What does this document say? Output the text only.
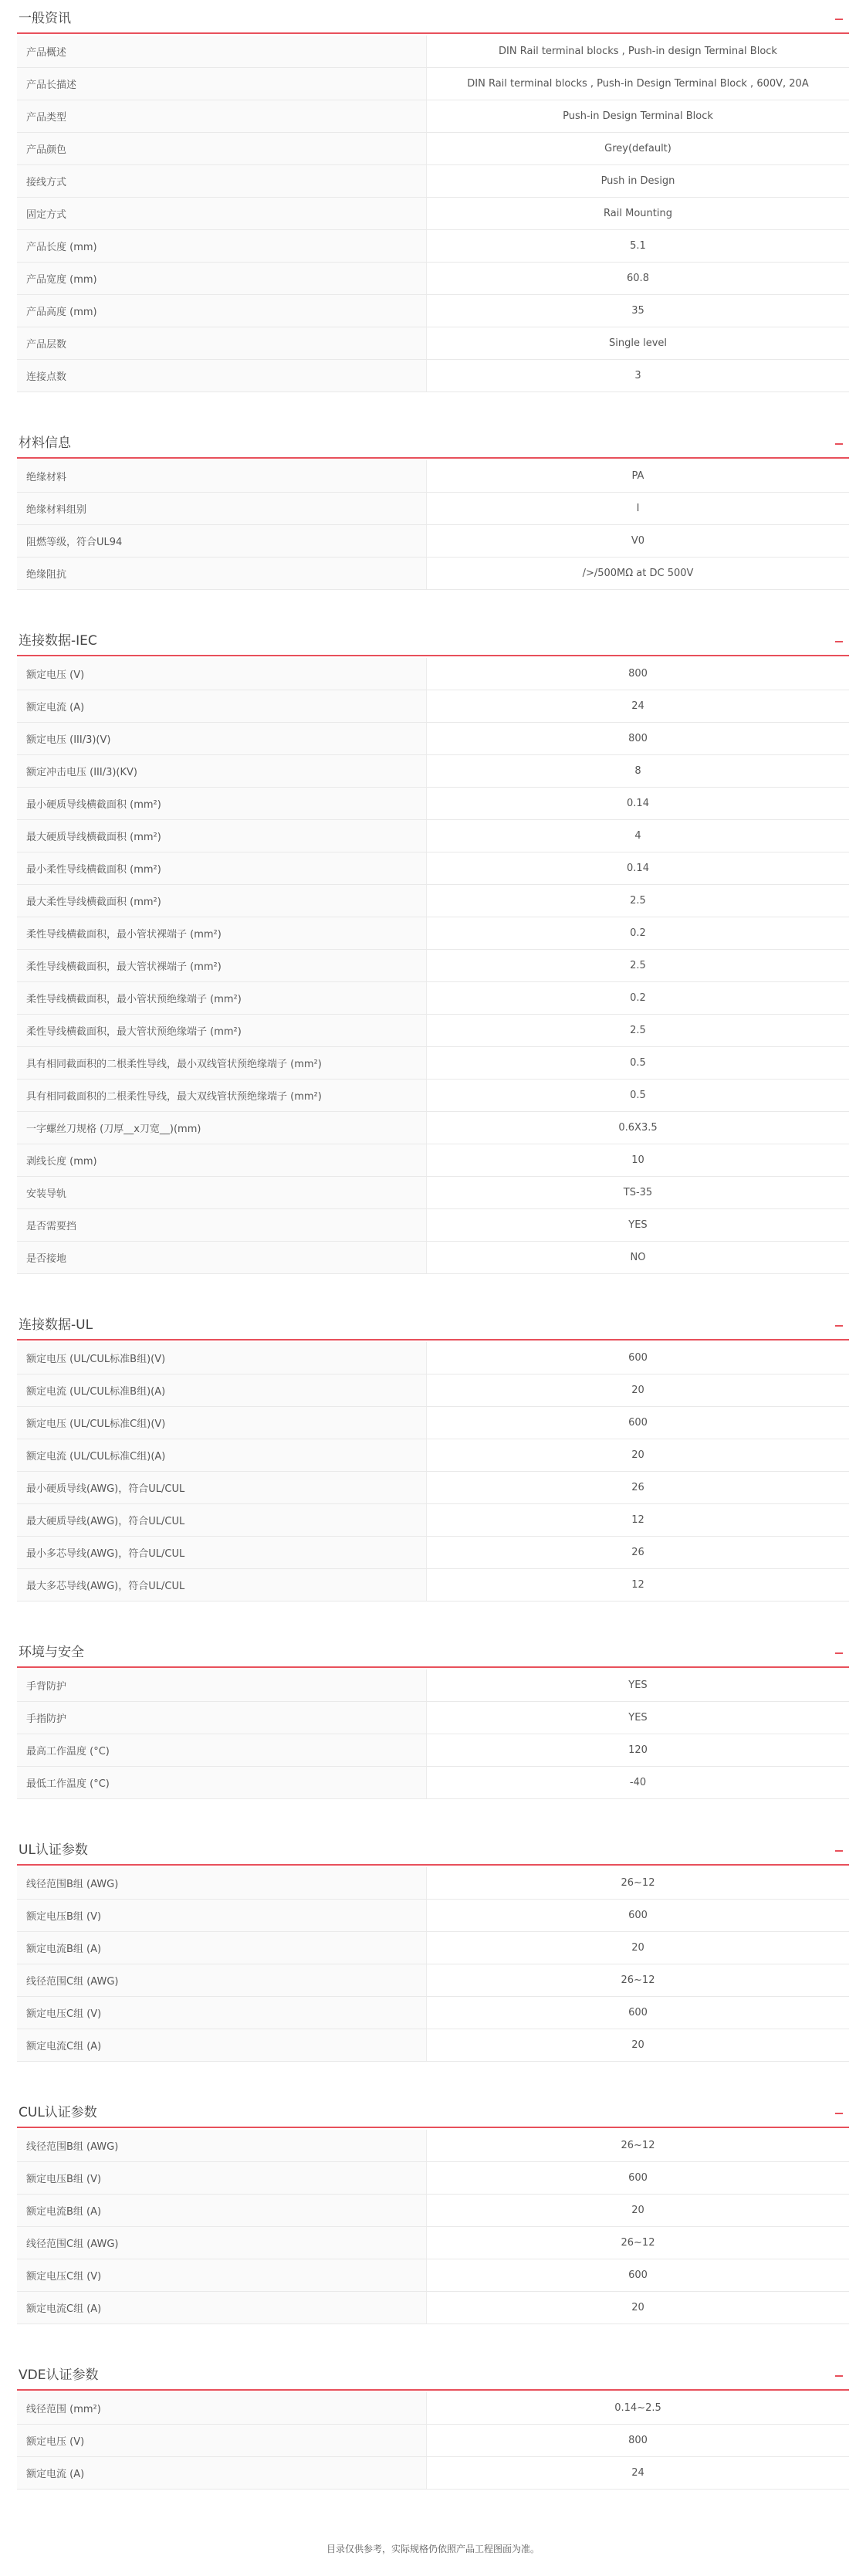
一般资讯
产品概述	DIN Rail terminal blocks , Push-in design Terminal Block
产品长描述	DIN Rail terminal blocks , Push-in Design Terminal Block , 600V, 20A
产品类型	Push-in Design Terminal Block
产品颜色	Grey(default)
接线方式	Push in Design
固定方式	Rail Mounting
产品长度 (mm)	5.1
产品宽度 (mm)	60.8
产品高度 (mm)	35
产品层数	Single level
连接点数	3
材料信息
绝缘材料	PA
绝缘材料组别	I
阻燃等级，符合UL94	V0
绝缘阻抗	/>/500MΩ at DC 500V
连接数据-IEC
额定电压 (V)	800
额定电流 (A)	24
额定电压 (III/3)(V)	800
额定冲击电压 (III/3)(KV)	8
最小硬质导线横截面积 (mm²)	0.14
最大硬质导线横截面积 (mm²)	4
最小柔性导线横截面积 (mm²)	0.14
最大柔性导线横截面积 (mm²)	2.5
柔性导线横截面积，最小管状裸端子 (mm²)	0.2
柔性导线横截面积，最大管状裸端子 (mm²)	2.5
柔性导线横截面积，最小管状预绝缘端子 (mm²)	0.2
柔性导线横截面积，最大管状预绝缘端子 (mm²)	2.5
具有相同截面积的二根柔性导线，最小双线管状预绝缘端子 (mm²)	0.5
具有相同截面积的二根柔性导线，最大双线管状预绝缘端子 (mm²)	0.5
一字螺丝刀规格 (刀厚__x刀宽__)(mm)	0.6X3.5
剥线长度 (mm)	10
安装导轨	TS-35
是否需要挡	YES
是否接地	NO
连接数据-UL
额定电压 (UL/CUL标准B组)(V)	600
额定电流 (UL/CUL标准B组)(A)	20
额定电压 (UL/CUL标准C组)(V)	600
额定电流 (UL/CUL标准C组)(A)	20
最小硬质导线(AWG)，符合UL/CUL	26
最大硬质导线(AWG)，符合UL/CUL	12
最小多芯导线(AWG)，符合UL/CUL	26
最大多芯导线(AWG)，符合UL/CUL	12
环境与安全
手背防护	YES
手指防护	YES
最高工作温度 (°C)	120
最低工作温度 (°C)	-40
UL认证参数
线径范围B组 (AWG)	26~12
额定电压B组 (V)	600
额定电流B组 (A)	20
线径范围C组 (AWG)	26~12
额定电压C组 (V)	600
额定电流C组 (A)	20
CUL认证参数
线径范围B组 (AWG)	26~12
额定电压B组 (V)	600
额定电流B组 (A)	20
线径范围C组 (AWG)	26~12
额定电压C组 (V)	600
额定电流C组 (A)	20
VDE认证参数
线径范围 (mm²)	0.14~2.5
额定电压 (V)	800
额定电流 (A)	24
目录仅供参考，实际规格仍依照产品工程图面为准。
